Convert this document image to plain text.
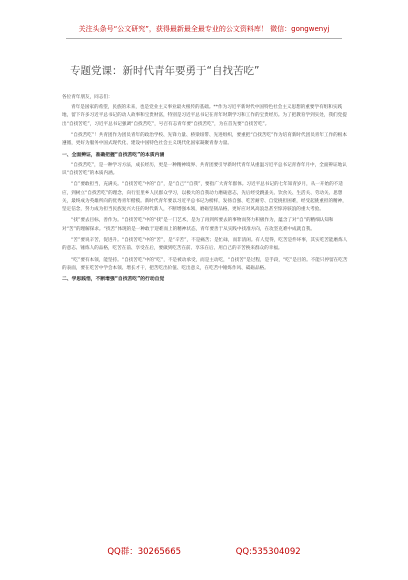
关注头条号“公文研究”，获得最新最全最专业的公文资料库！ 微信：gongwenyj
专题党课：新时代青年要勇于“自找苦吃”

各位青年朋友，同志们：

青年是国家的希望，民族的未来，也是党业主义事业最火根传的基础。**作为习近平新时代中国特色社会主义思想的重要学有组和实践地，留下许多习近平总书记的动人故事和宝贵财富，特别是习近平总书记在青年时期学习和工作的宝贵经历。为了把教育学到实处，我们党提出“自找苦吃”，习近平总书记强调“自找苦吃”，号召有志青年要“自找苦吃”，为在首先要“自找苦吃”。

“自找苦吃”！共青团作为团员青年的政治学校、先锋力量、桥梁纽带、先进组织，要重把“自找苦吃”作为培育新时代团员青年工作的根本遵循，更好为服务中国式现代化、建设中国特色社会主义现代化国家凝聚青春力量。

一、全面辨证，准确把握“自找苦吃”的本质内涵

“自找苦吃”，是一种学习方法，成长经历，更是一种精神境界、共青团要引导新时代青年从重温习近平总书记青春年月中，全面辨证地认识“自找苦吃”的本质内涵。

“自”要敢担当，充满关。“自找苦吃”中的“自”，是“自己”“自我”，要指广大青年群体。习近平总书记的七年知青岁月，从一开始的不适应，到树立“自找苦吃”的理念，向行室里乡人民群众学习，以极大的自我动力磨砺意志，先后经受跳蚤关、饮食关、生活关、劳动关、思想关，最终成为英雄所向的优秀青年楷模。新时代青年要以习近平总书记为榜样，发扬自强、吃苦耐劳、自觉挑担困难，经受起挑重担的精神，坚定信念，努力成为担当民族复兴大任的时代新人，不断增强本领，磨砺坚韧品格，更好应对风高浪急甚至惊涛骇浪的重大考验。

“找”要去目标，善作为。“自找苦吃”中的“找”是一门艺术，是为了再到所要去的事物而努力积极作为，蕴含了对“自”的精细认知和对“苦”的理解探求。“找苦”体现的是一种敢于迎难而上的精神状态，青年要善于从实践中找准方向，在攻坚克难中成就自我。

“苦”要说辛苦，促进升。“自找苦吃”中的“苦”，是“辛苦”，不是痛苦；是忙碌，而非清闲。有人觉得，吃苦是件坏事，其实吃苦能磨炼人的意志、锤炼人的品格，吃苦在前、享受在后，要做到吃苦在前、享乐在后、用自己的辛苦换来群众的幸福。

“吃”要有本领，能坚持。“自找苦吃”中的“吃”，不是被动承受，而是主动吃，“自找苦”是过程，是手段，“吃”是目的。不能只停留在吃苦的表面，要在吃苦中学会本领、增长才干，把苦吃出价值、吃出意义，在吃苦中锤炼作风、砥砺品格。

二、学思践悟，不断增强“自找苦吃”的行动自觉
QQ群：30265665	QQ:535304092
